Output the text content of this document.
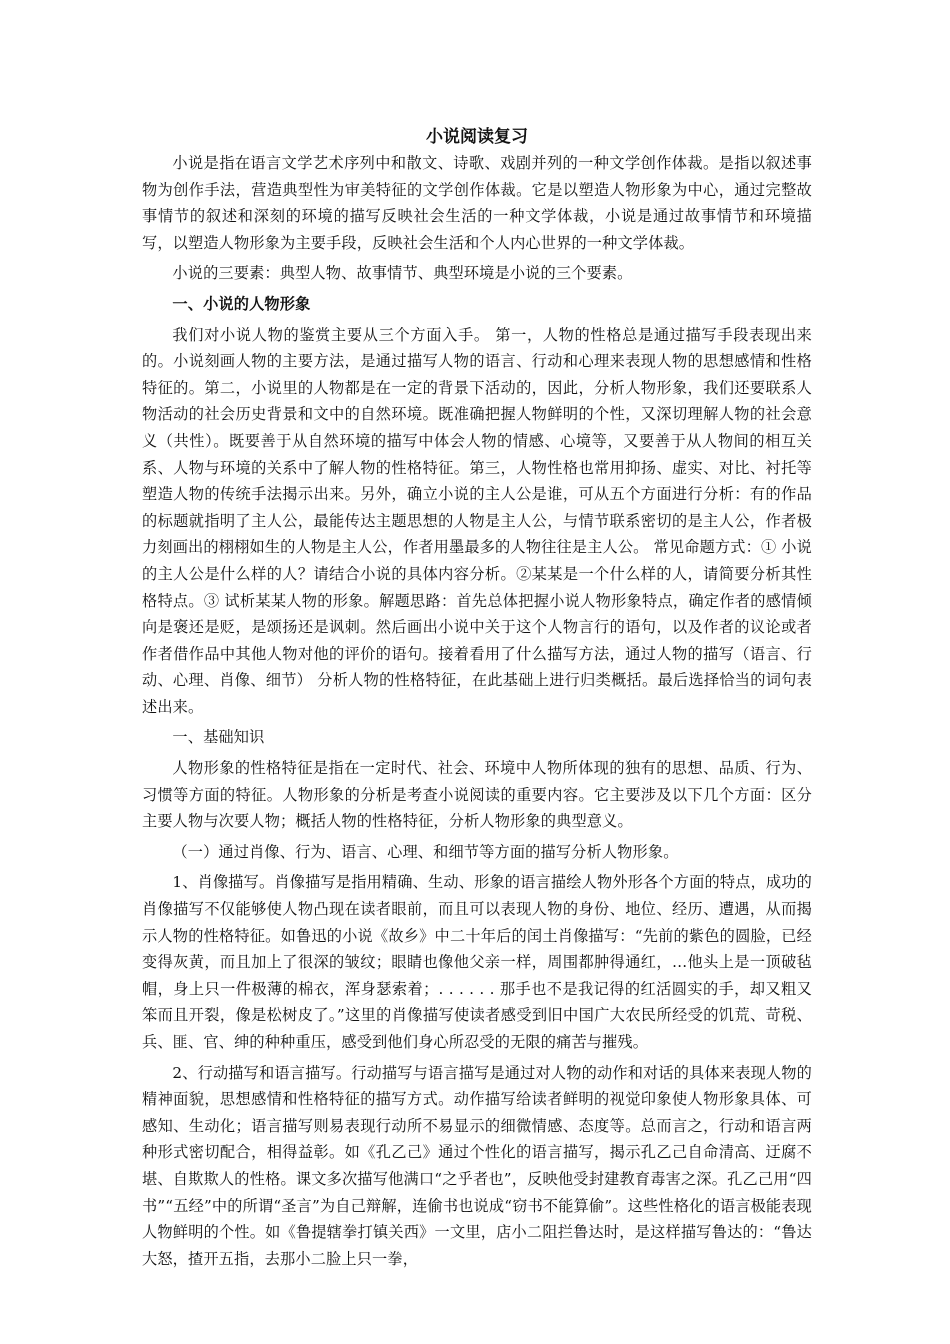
小说阅读复习

小说是指在语言文学艺术序列中和散文、诗歌、戏剧并列的一种文学创作体裁。是指以叙述事物为创作手法，营造典型性为审美特征的文学创作体裁。它是以塑造人物形象为中心，通过完整故事情节的叙述和深刻的环境的描写反映社会生活的一种文学体裁，小说是通过故事情节和环境描写，以塑造人物形象为主要手段，反映社会生活和个人内心世界的一种文学体裁。

小说的三要素：典型人物、故事情节、典型环境是小说的三个要素。

一、小说的人物形象

我们对小说人物的鉴赏主要从三个方面入手。 第一，人物的性格总是通过描写手段表现出来的。小说刻画人物的主要方法，是通过描写人物的语言、行动和心理来表现人物的思想感情和性格特征的。第二，小说里的人物都是在一定的背景下活动的，因此，分析人物形象，我们还要联系人物活动的社会历史背景和文中的自然环境。既准确把握人物鲜明的个性，又深切理解人物的社会意义（共性）。既要善于从自然环境的描写中体会人物的情感、心境等，又要善于从人物间的相互关系、人物与环境的关系中了解人物的性格特征。第三，人物性格也常用抑扬、虚实、对比、衬托等塑造人物的传统手法揭示出来。另外，确立小说的主人公是谁，可从五个方面进行分析：有的作品的标题就指明了主人公，最能传达主题思想的人物是主人公，与情节联系密切的是主人公，作者极力刻画出的栩栩如生的人物是主人公，作者用墨最多的人物往往是主人公。 常见命题方式：① 小说的主人公是什么样的人？请结合小说的具体内容分析。②某某是一个什么样的人，请简要分析其性格特点。③ 试析某某人物的形象。解题思路：首先总体把握小说人物形象特点，确定作者的感情倾向是褒还是贬，是颂扬还是讽刺。然后画出小说中关于这个人物言行的语句，以及作者的议论或者作者借作品中其他人物对他的评价的语句。接着看用了什么描写方法，通过人物的描写（语言、行动、心理、肖像、细节） 分析人物的性格特征，在此基础上进行归类概括。最后选择恰当的词句表述出来。

一、基础知识

人物形象的性格特征是指在一定时代、社会、环境中人物所体现的独有的思想、品质、行为、习惯等方面的特征。人物形象的分析是考查小说阅读的重要内容。它主要涉及以下几个方面：区分主要人物与次要人物；概括人物的性格特征，分析人物形象的典型意义。

（一）通过肖像、行为、语言、心理、和细节等方面的描写分析人物形象。

1、肖像描写。肖像描写是指用精确、生动、形象的语言描绘人物外形各个方面的特点，成功的肖像描写不仅能够使人物凸现在读者眼前，而且可以表现人物的身份、地位、经历、遭遇，从而揭示人物的性格特征。如鲁迅的小说《故乡》中二十年后的闰土肖像描写：“先前的紫色的圆脸，已经变得灰黄，而且加上了很深的皱纹；眼睛也像他父亲一样，周围都肿得通红，…他头上是一顶破毡帽，身上只一件极薄的棉衣，浑身瑟索着；. . . . . . 那手也不是我记得的红活圆实的手，却又粗又笨而且开裂，像是松树皮了。”这里的肖像描写使读者感受到旧中国广大农民所经受的饥荒、苛税、兵、匪、官、绅的种种重压，感受到他们身心所忍受的无限的痛苦与摧残。

2、行动描写和语言描写。行动描写与语言描写是通过对人物的动作和对话的具体来表现人物的精神面貌，思想感情和性格特征的描写方式。动作描写给读者鲜明的视觉印象使人物形象具体、可感知、生动化；语言描写则易表现行动所不易显示的细微情感、态度等。总而言之，行动和语言两种形式密切配合，相得益彰。如《孔乙己》通过个性化的语言描写，揭示孔乙己自命清高、迂腐不堪、自欺欺人的性格。课文多次描写他满口“之乎者也”，反映他受封建教育毒害之深。孔乙己用“四书”“五经”中的所谓“圣言”为自己辩解，连偷书也说成“窃书不能算偷”。这些性格化的语言极能表现人物鲜明的个性。如《鲁提辖拳打镇关西》一文里，店小二阻拦鲁达时，是这样描写鲁达的：“鲁达大怒，揸开五指，去那小二脸上只一拳，
